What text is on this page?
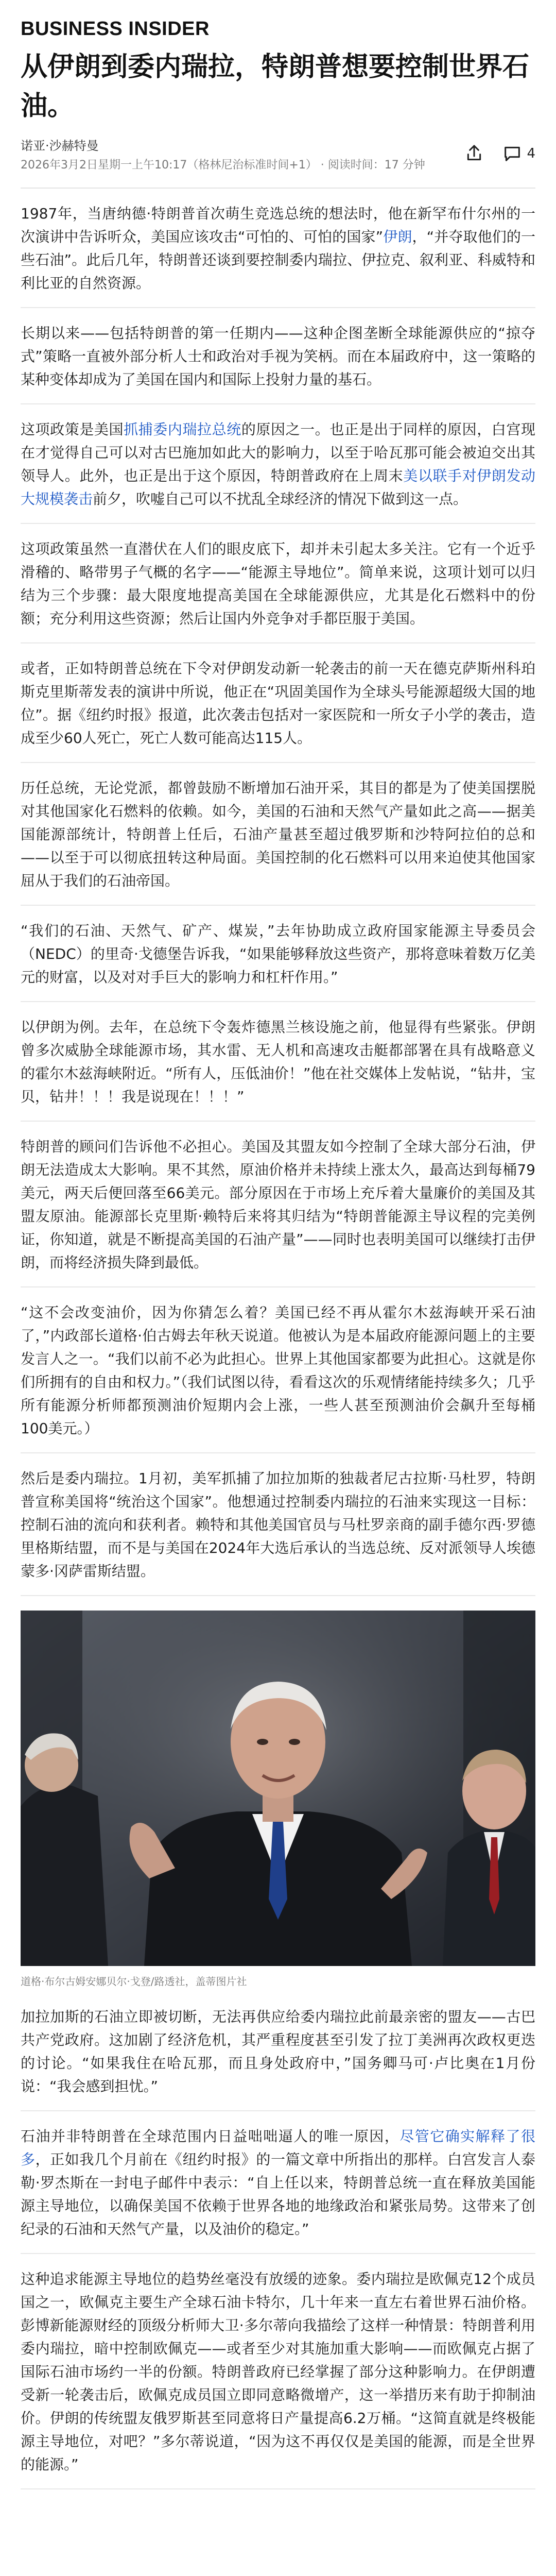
BUSINESS INSIDER
从伊朗到委内瑞拉，特朗普想要控制世界石油。
诺亚·沙赫特曼
2026年3月2日星期一上午10:17（格林尼治标准时间+1） · 阅读时间：17 分钟
4

1987年，当唐纳德·特朗普首次萌生竞选总统的想法时，他在新罕布什尔州的一次演讲中告诉听众，美国应该攻击“可怕的、可怕的国家”伊朗，“并夺取他们的一些石油”。此后几年，特朗普还谈到要控制委内瑞拉、伊拉克、叙利亚、科威特和利比亚的自然资源。

长期以来——包括特朗普的第一任期内——这种企图垄断全球能源供应的“掠夺式”策略一直被外部分析人士和政治对手视为笑柄。而在本届政府中，这一策略的某种变体却成为了美国在国内和国际上投射力量的基石。

这项政策是美国抓捕委内瑞拉总统的原因之一。也正是出于同样的原因，白宫现在才觉得自己可以对古巴施加如此大的影响力，以至于哈瓦那可能会被迫交出其领导人。此外，也正是出于这个原因，特朗普政府在上周末美以联手对伊朗发动大规模袭击前夕，吹嘘自己可以不扰乱全球经济的情况下做到这一点。

这项政策虽然一直潜伏在人们的眼皮底下，却并未引起太多关注。它有一个近乎滑稽的、略带男子气概的名字——“能源主导地位”。简单来说，这项计划可以归结为三个步骤：最大限度地提高美国在全球能源供应，尤其是化石燃料中的份额；充分利用这些资源；然后让国内外竞争对手都臣服于美国。

或者，正如特朗普总统在下令对伊朗发动新一轮袭击的前一天在德克萨斯州科珀斯克里斯蒂发表的演讲中所说，他正在“巩固美国作为全球头号能源超级大国的地位”。据《纽约时报》报道，此次袭击包括对一家医院和一所女子小学的袭击，造成至少60人死亡，死亡人数可能高达115人。

历任总统，无论党派，都曾鼓励不断增加石油开采，其目的都是为了使美国摆脱对其他国家化石燃料的依赖。如今，美国的石油和天然气产量如此之高——据美国能源部统计，特朗普上任后，石油产量甚至超过俄罗斯和沙特阿拉伯的总和——以至于可以彻底扭转这种局面。美国控制的化石燃料可以用来迫使其他国家屈从于我们的石油帝国。

“我们的石油、天然气、矿产、煤炭，”去年协助成立政府国家能源主导委员会（NEDC）的里奇·戈德堡告诉我，“如果能够释放这些资产，那将意味着数万亿美元的财富，以及对对手巨大的影响力和杠杆作用。”

以伊朗为例。去年，在总统下令轰炸德黑兰核设施之前，他显得有些紧张。伊朗曾多次威胁全球能源市场，其水雷、无人机和高速攻击艇都部署在具有战略意义的霍尔木兹海峡附近。“所有人，压低油价！”他在社交媒体上发帖说，“钻井，宝贝，钻井！！！我是说现在！！！”

特朗普的顾问们告诉他不必担心。美国及其盟友如今控制了全球大部分石油，伊朗无法造成太大影响。果不其然，原油价格并未持续上涨太久，最高达到每桶79美元，两天后便回落至66美元。部分原因在于市场上充斥着大量廉价的美国及其盟友原油。能源部长克里斯·赖特后来将其归结为“特朗普能源主导议程的完美例证，你知道，就是不断提高美国的石油产量”——同时也表明美国可以继续打击伊朗，而将经济损失降到最低。

“这不会改变油价，因为你猜怎么着？美国已经不再从霍尔木兹海峡开采石油了，”内政部长道格·伯古姆去年秋天说道。他被认为是本届政府能源问题上的主要发言人之一。“我们以前不必为此担心。世界上其他国家都要为此担心。这就是你们所拥有的自由和权力。”（我们试图以待，看看这次的乐观情绪能持续多久；几乎所有能源分析师都预测油价短期内会上涨，一些人甚至预测油价会飙升至每桶100美元。）

然后是委内瑞拉。1月初，美军抓捕了加拉加斯的独裁者尼古拉斯·马杜罗，特朗普宣称美国将“统治这个国家”。他想通过控制委内瑞拉的石油来实现这一目标：控制石油的流向和获利者。赖特和其他美国官员与马杜罗亲商的副手德尔西·罗德里格斯结盟，而不是与美国在2024年大选后承认的当选总统、反对派领导人埃德蒙多·冈萨雷斯结盟。

道格·布尔古姆安娜贝尔·戈登/路透社，盖蒂图片社

加拉加斯的石油立即被切断，无法再供应给委内瑞拉此前最亲密的盟友——古巴共产党政府。这加剧了经济危机，其严重程度甚至引发了拉丁美洲再次政权更迭的讨论。“如果我住在哈瓦那，而且身处政府中，”国务卿马可·卢比奥在1月份说：“我会感到担忧。”

石油并非特朗普在全球范围内日益咄咄逼人的唯一原因，尽管它确实解释了很多，正如我几个月前在《纽约时报》的一篇文章中所指出的那样。白宫发言人泰勒·罗杰斯在一封电子邮件中表示：“自上任以来，特朗普总统一直在释放美国能源主导地位，以确保美国不依赖于世界各地的地缘政治和紧张局势。这带来了创纪录的石油和天然气产量，以及油价的稳定。”

这种追求能源主导地位的趋势丝毫没有放缓的迹象。委内瑞拉是欧佩克12个成员国之一，欧佩克主要生产全球石油卡特尔，几十年来一直左右着世界石油价格。彭博新能源财经的顶级分析师大卫·多尔蒂向我描绘了这样一种情景：特朗普利用委内瑞拉，暗中控制欧佩克——或者至少对其施加重大影响——而欧佩克占据了国际石油市场约一半的份额。特朗普政府已经掌握了部分这种影响力。在伊朗遭受新一轮袭击后，欧佩克成员国立即同意略微增产，这一举措历来有助于抑制油价。伊朗的传统盟友俄罗斯甚至同意将日产量提高6.2万桶。“这简直就是终极能源主导地位，对吧？”多尔蒂说道，“因为这不再仅仅是美国的能源，而是全世界的能源。”
